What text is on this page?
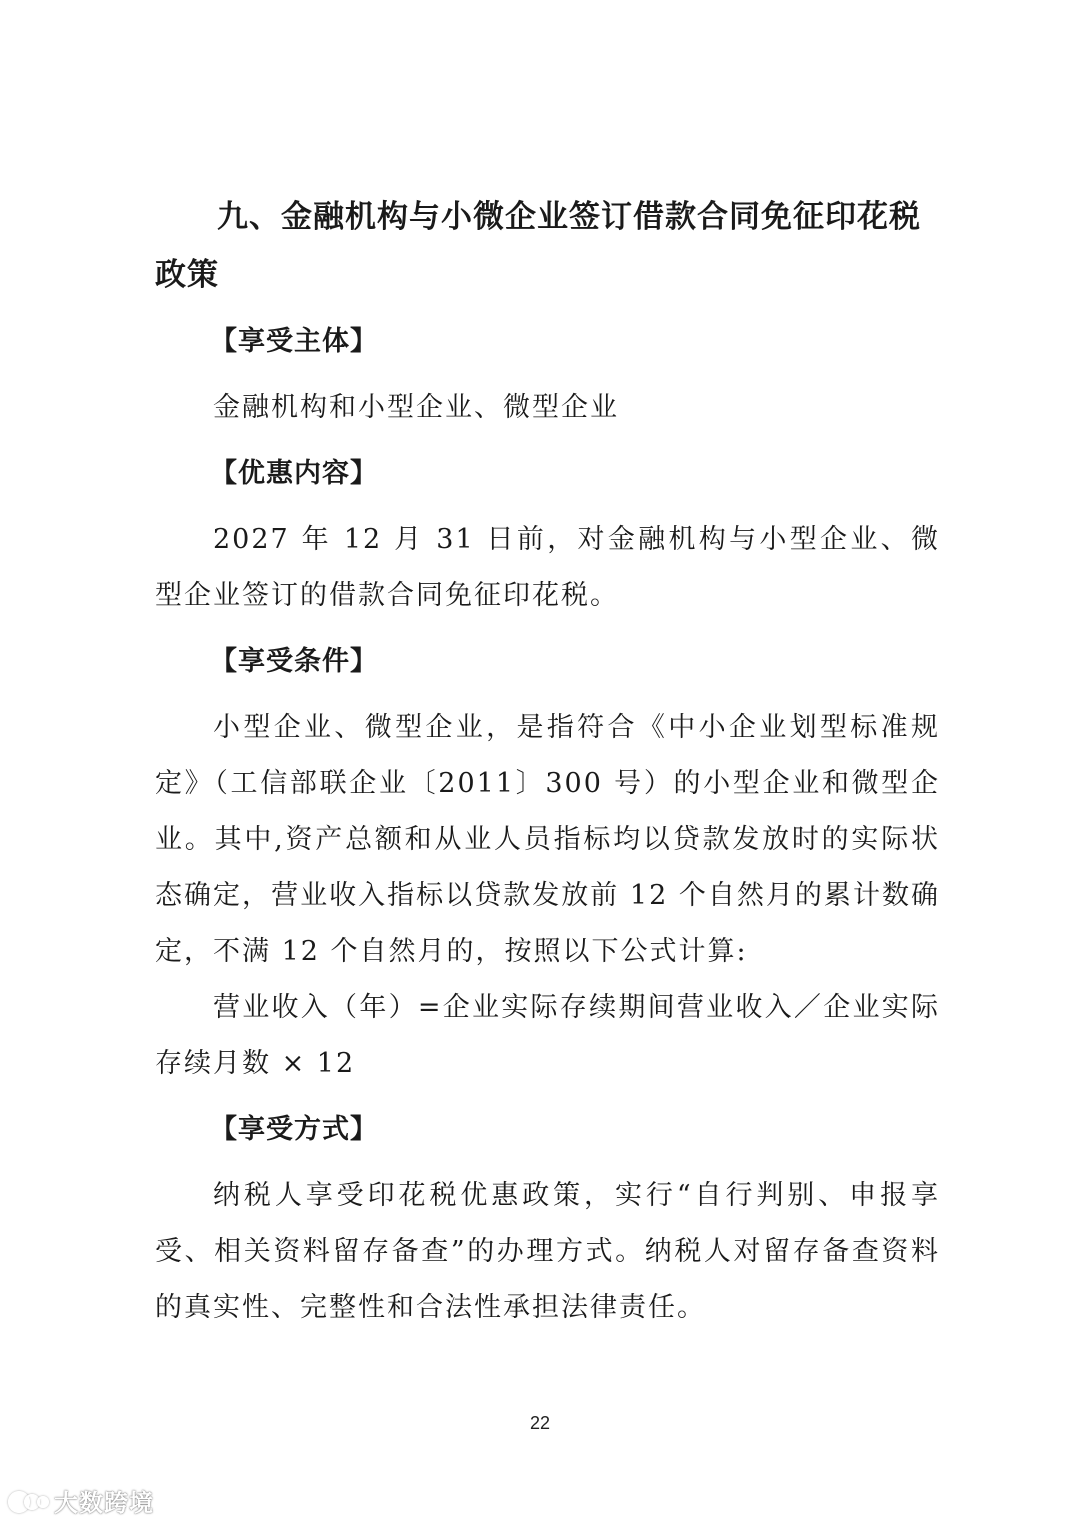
九、金融机构与小微企业签订借款合同免征印花税政策
【享受主体】

金融机构和小型企业、微型企业

【优惠内容】

2027 年 12 月 31 日前，对金融机构与小型企业、微型企业签订的借款合同免征印花税。

【享受条件】

小型企业、微型企业，是指符合《中小企业划型标准规定》（工信部联企业〔2011〕300 号）的小型企业和微型企业。其中,资产总额和从业人员指标均以贷款发放时的实际状态确定，营业收入指标以贷款发放前 12 个自然月的累计数确定，不满 12 个自然月的，按照以下公式计算:

营业收入（年）=企业实际存续期间营业收入／企业实际存续月数 × 12

【享受方式】

纳税人享受印花税优惠政策，实行“自行判别、申报享受、相关资料留存备查”的办理方式。纳税人对留存备查资料的真实性、完整性和合法性承担法律责任。

22
大数跨境
